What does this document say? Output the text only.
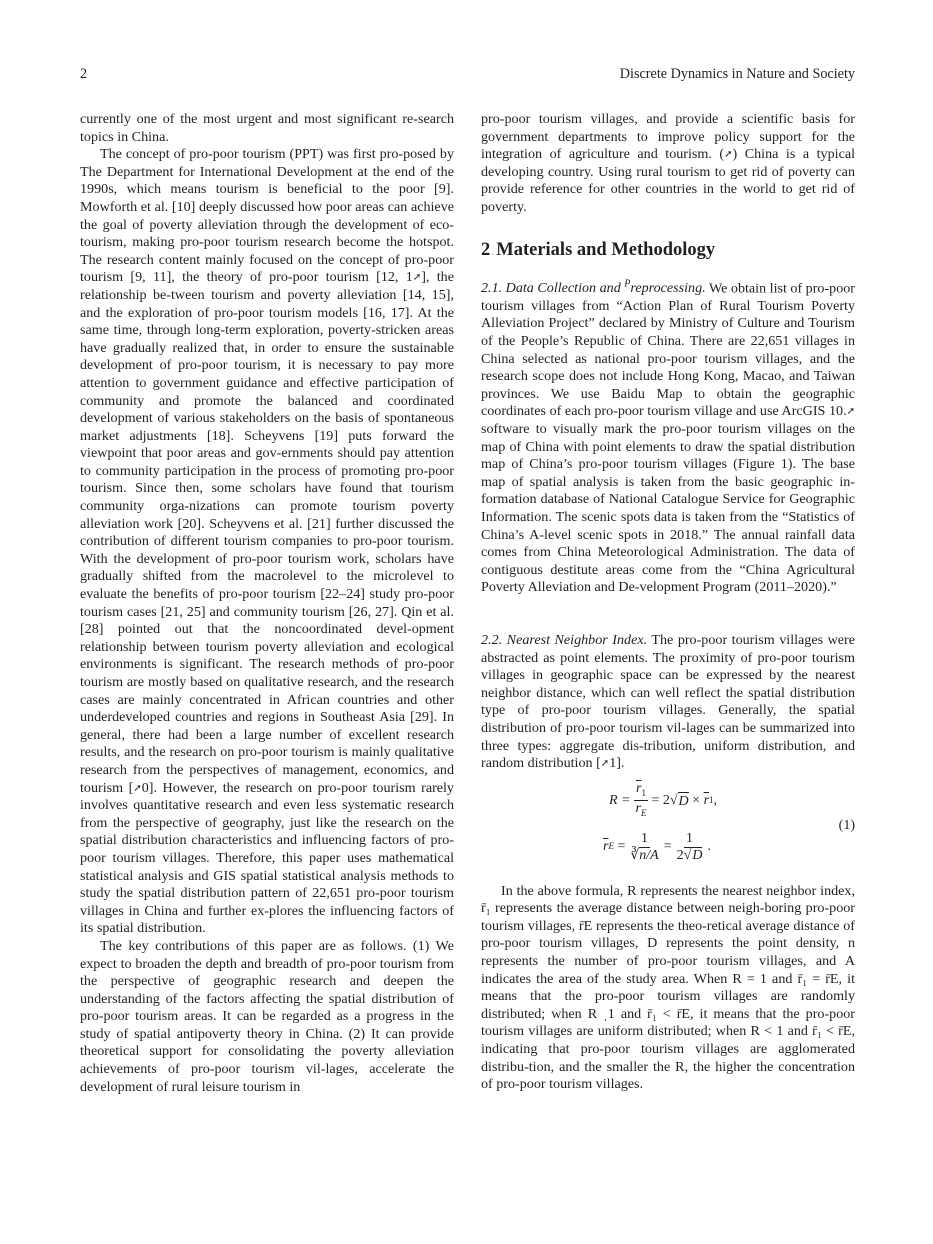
2	Discrete Dynamics in Nature and Society

currently one of the most urgent and most significant re-search topics in China.

The concept of pro-poor tourism (PPT) was first pro-posed by The Department for International Development at the end of the 1990s, which means tourism is beneficial to the poor [9]. Mowforth et al. [10] deeply discussed how poor areas can achieve the goal of poverty alleviation through the development of eco-tourism, making pro-poor tourism research become the hotspot. The research content mainly focused on the concept of pro-poor tourism [9, 11], the theory of pro-poor tourism [12, 1➚], the relationship be-tween tourism and poverty alleviation [14, 15], and the exploration of pro-poor tourism models [16, 17]. At the same time, through long-term exploration, poverty-stricken areas have gradually realized that, in order to ensure the sustainable development of pro-poor tourism, it is necessary to pay more attention to government guidance and effective participation of community and promote the balanced and coordinated development of various stakeholders on the basis of spontaneous market adjustments [18]. Scheyvens [19] puts forward the viewpoint that poor areas and gov-ernments should pay attention to community participation in the process of promoting pro-poor tourism. Since then, some scholars have found that tourism community orga-nizations can promote tourism poverty alleviation work [20]. Scheyvens et al. [21] further discussed the contribution of different tourism companies to pro-poor tourism. With the development of pro-poor tourism work, scholars have gradually shifted from the macrolevel to the microlevel to evaluate the benefits of pro-poor tourism [22–24] study pro-poor tourism cases [21, 25] and community tourism [26, 27]. Qin et al. [28] pointed out that the noncoordinated devel-opment relationship between tourism poverty alleviation and ecological environments is significant. The research methods of pro-poor tourism are mostly based on qualitative research, and the research cases are mainly concentrated in African countries and other underdeveloped countries and regions in Southeast Asia [29]. In general, there had been a large number of excellent research results, and the research on pro-poor tourism is mainly qualitative research from the perspectives of management, economics, and tourism [➚0]. However, the research on pro-poor tourism rarely involves quantitative research and even less systematic research from the perspective of geography, just like the research on the spatial distribution characteristics and influencing factors of pro-poor tourism villages. Therefore, this paper uses mathematical statistical analysis and GIS spatial statistical analysis methods to study the spatial distribution pattern of 22,651 pro-poor tourism villages in China and further ex-plores the influencing factors of its spatial distribution.

The key contributions of this paper are as follows. (1) We expect to broaden the depth and breadth of pro-poor tourism from the perspective of geographic research and deepen the understanding of the factors affecting the spatial distribution of pro-poor tourism areas. It can be regarded as a progress in the study of spatial antipoverty theory in China. (2) It can provide theoretical support for consolidating the poverty alleviation achievements of pro-poor tourism vil-lages, accelerate the development of rural leisure tourism in

pro-poor tourism villages, and provide a scientific basis for government departments to improve policy support for the integration of agriculture and tourism. (➚) China is a typical developing country. Using rural tourism to get rid of poverty can provide reference for other countries in the world to get rid of poverty.

2. Materials and Methodology

2.1. Data Collection and $^P$reprocessing. We obtain list of pro-poor tourism villages from “Action Plan of Rural Tourism Poverty Alleviation Project” declared by Ministry of Culture and Tourism of the People’s Republic of China. There are 22,651 villages in China selected as national pro-poor tourism villages, and the research scope does not include Hong Kong, Macao, and Taiwan provinces. We use Baidu Map to obtain the geographic coordinates of each pro-poor tourism village and use ArcGIS 10.➚ software to visually mark the pro-poor tourism villages on the map of China with point elements to draw the spatial distribution map of China’s pro-poor tourism villages (Figure 1). The base map of spatial analysis is taken from the basic geographic in-formation database of National Catalogue Service for Geographic Information. The scenic spots data is taken from the “Statistics of China’s A-level scenic spots in 2018.” The annual rainfall data comes from China Meteorological Administration. The data of contiguous destitute areas come from the “China Agricultural Poverty Alleviation and De-velopment Program (2011–2020).”

2.2. Nearest Neighbor Index. The pro-poor tourism villages were abstracted as point elements. The proximity of pro-poor tourism villages in geographic space can be expressed by the nearest neighbor distance, which can well reflect the spatial distribution type of pro-poor tourism villages. Generally, the spatial distribution of pro-poor tourism vil-lages can be summarized into three types: aggregate dis-tribution, uniform distribution, and random distribution [➚1].

$R = \frac{\overline{r}_1}{\overline{r}_E} = 2$ √ D
×
$\overline{r}$ 1 ,
$\overline{r}$ E
= $\frac{1}{∛n/A} = \frac{1}{2√D}$ .
(1)

In the above formula, R represents the nearest neighbor index, r̄₁ represents the average distance between neigh-boring pro-poor tourism villages, r̄E represents the theo-retical average distance of pro-poor tourism villages, D represents the point density, n represents the number of pro-poor tourism villages, and A indicates the area of the study area. When R = 1 and r̄₁ = r̄E, it means that the pro-poor tourism villages are randomly distributed; when R ˌ1 and r̄₁ < r̄E, it means that the pro-poor tourism villages are uniform distributed; when R < 1 and r̄₁ < r̄E, indicating that pro-poor tourism villages are agglomerated distribu-tion, and the smaller the R, the higher the concentration of pro-poor tourism villages.
